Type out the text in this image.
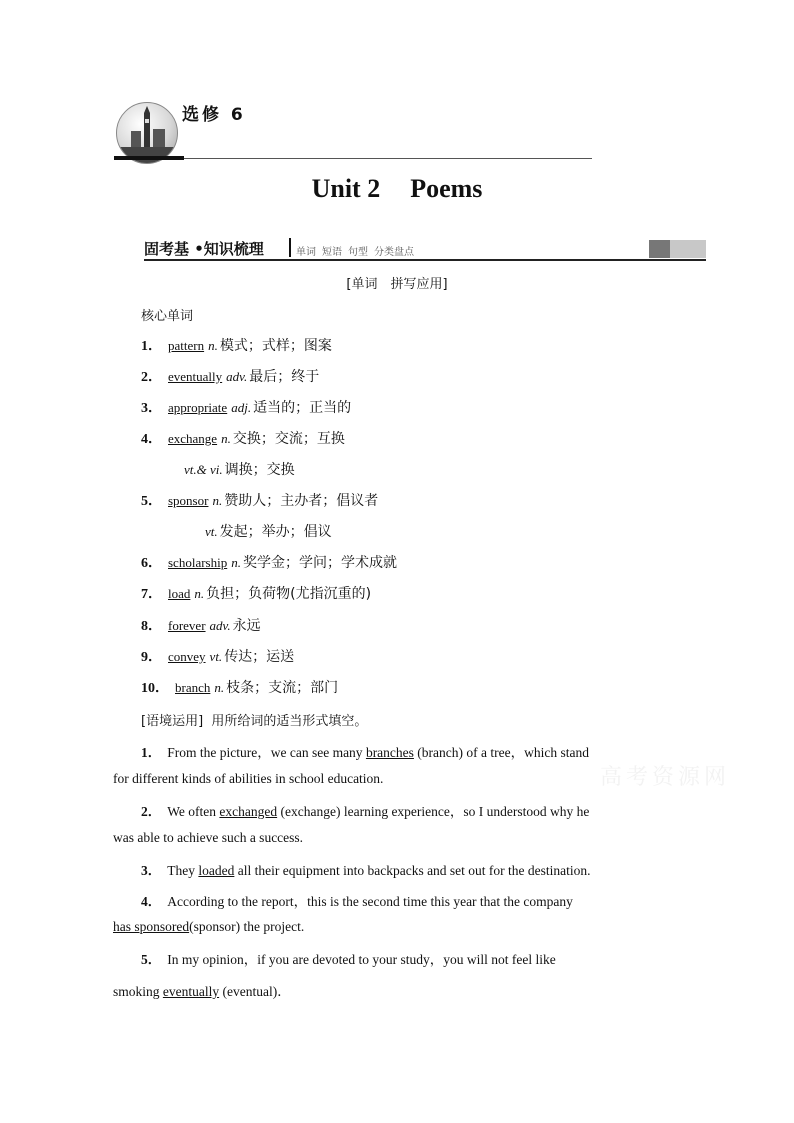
选修 6
Unit 2 Poems
固考基 •知识梳理	单词 短语 句型 分类盘点
[单词　拼写应用]
核心单词
1． pattern n. 模式；式样；图案
2． eventually adv. 最后；终于
3． appropriate adj. 适当的；正当的
4． exchange n. 交换；交流；互换
vt.& vi. 调换；交换
5． sponsor n. 赞助人；主办者；倡议者
vt. 发起；举办；倡议
6． scholarship n. 奖学金；学问；学术成就
7． load n. 负担；负荷物(尤指沉重的)
8． forever adv. 永远
9． convey vt. 传达；运送
10． branch n. 枝条；支流；部门
[语境运用] 用所给词的适当形式填空。
1． From the picture，we can see many branches (branch) of a tree，which stand
for different kinds of abilities in school education.
2． We often exchanged (exchange) learning experience，so I understood why he
was able to achieve such a success.
3． They loaded all their equipment into backpacks and set out for the destination.
4． According to the report，this is the second time this year that the company
has sponsored(sponsor) the project.
5． In my opinion，if you are devoted to your study，you will not feel like
smoking eventually (eventual)．
高考资源网
